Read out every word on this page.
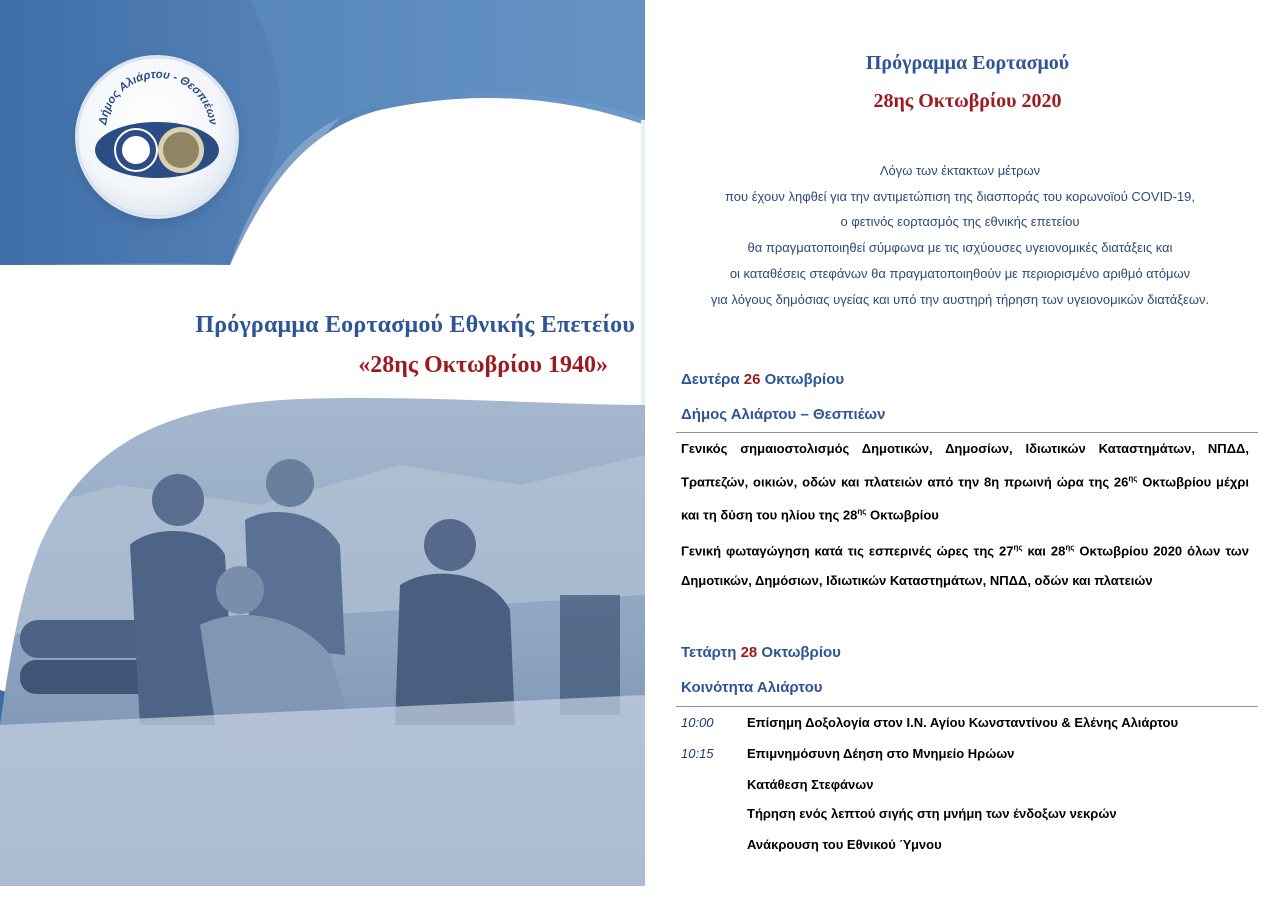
Δήμος Αλιάρτου - Θεσπιέων
Πρόγραμμα Εορτασμού Εθνικής Επετείου
«28ης Οκτωβρίου 1940»
Πρόγραμμα Εορτασμού
28ης Οκτωβρίου 2020
Λόγω των έκτακτων μέτρων
που έχουν ληφθεί για την αντιμετώπιση της διασποράς του κορωνοϊού COVID-19,
ο φετινός εορτασμός της εθνικής επετείου
θα πραγματοποιηθεί σύμφωνα με τις ισχύουσες υγειονομικές διατάξεις και
οι καταθέσεις στεφάνων θα πραγματοποιηθούν με περιορισμένο αριθμό ατόμων
για λόγους δημόσιας υγείας και υπό την αυστηρή τήρηση των υγειονομικών διατάξεων.
Δευτέρα 26 Οκτωβρίου
Δήμος Αλιάρτου – Θεσπιέων
Γενικός σημαιοστολισμός Δημοτικών, Δημοσίων, Ιδιωτικών Καταστημάτων, ΝΠΔΔ, Τραπεζών, οικιών, οδών και πλατειών από την 8η πρωινή ώρα της $26^{\eta\varsigma}$ Οκτωβρίου μέχρι και τη δύση του ηλίου της $28^{\eta\varsigma}$ Οκτωβρίου
Γενική φωταγώγηση κατά τις εσπερινές ώρες της $27^{\eta\varsigma}$ και $28^{\eta\varsigma}$ Οκτωβρίου 2020 όλων των Δημοτικών, Δημόσιων, Ιδιωτικών Καταστημάτων, ΝΠΔΔ, οδών και πλατειών
Τετάρτη 28 Οκτωβρίου
Κοινότητα Αλιάρτου
10:00	Επίσημη Δοξολογία στον Ι.Ν. Αγίου Κωνσταντίνου & Ελένης Αλιάρτου
10:15	Επιμνημόσυνη Δέηση στο Μνημείο Ηρώων
Κατάθεση Στεφάνων
Τήρηση ενός λεπτού σιγής στη μνήμη των ένδοξων νεκρών
Ανάκρουση του Εθνικού Ύμνου
